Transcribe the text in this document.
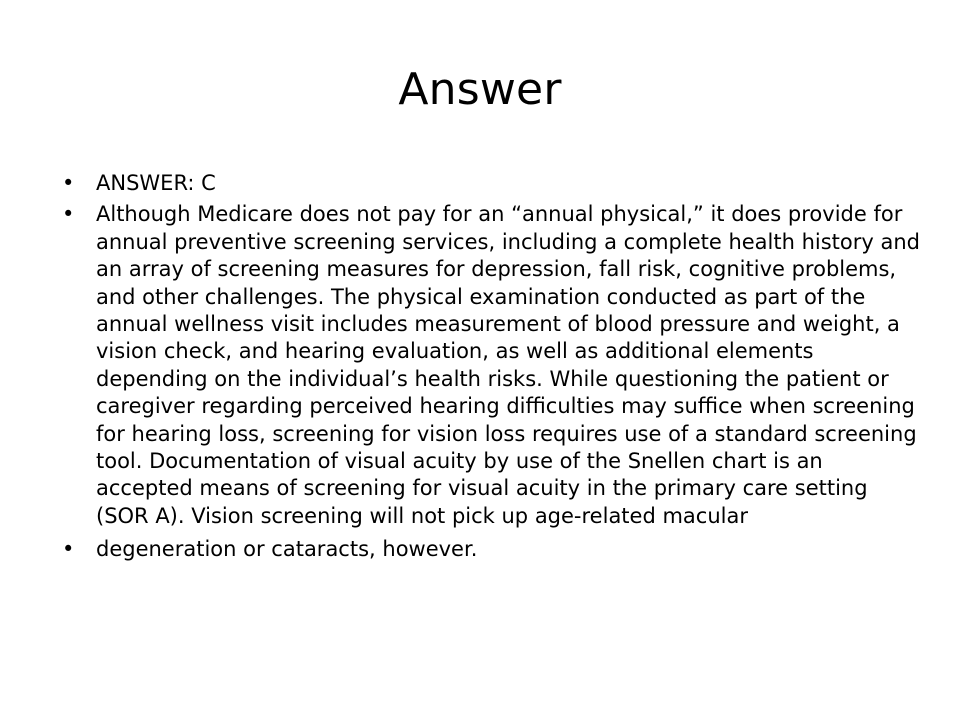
Answer
• ANSWER: C
• Although Medicare does not pay for an “annual physical,” it does provide for annual preventive screening services, including a complete health history and an array of screening measures for depression, fall risk, cognitive problems, and other challenges. The physical examination conducted as part of the annual wellness visit includes measurement of blood pressure and weight, a vision check, and hearing evaluation, as well as additional elements depending on the individual’s health risks. While questioning the patient or caregiver regarding perceived hearing difficulties may suffice when screening for hearing loss, screening for vision loss requires use of a standard screening tool. Documentation of visual acuity by use of the Snellen chart is an accepted means of screening for visual acuity in the primary care setting (SOR A). Vision screening will not pick up age-related macular
• degeneration or cataracts, however.
